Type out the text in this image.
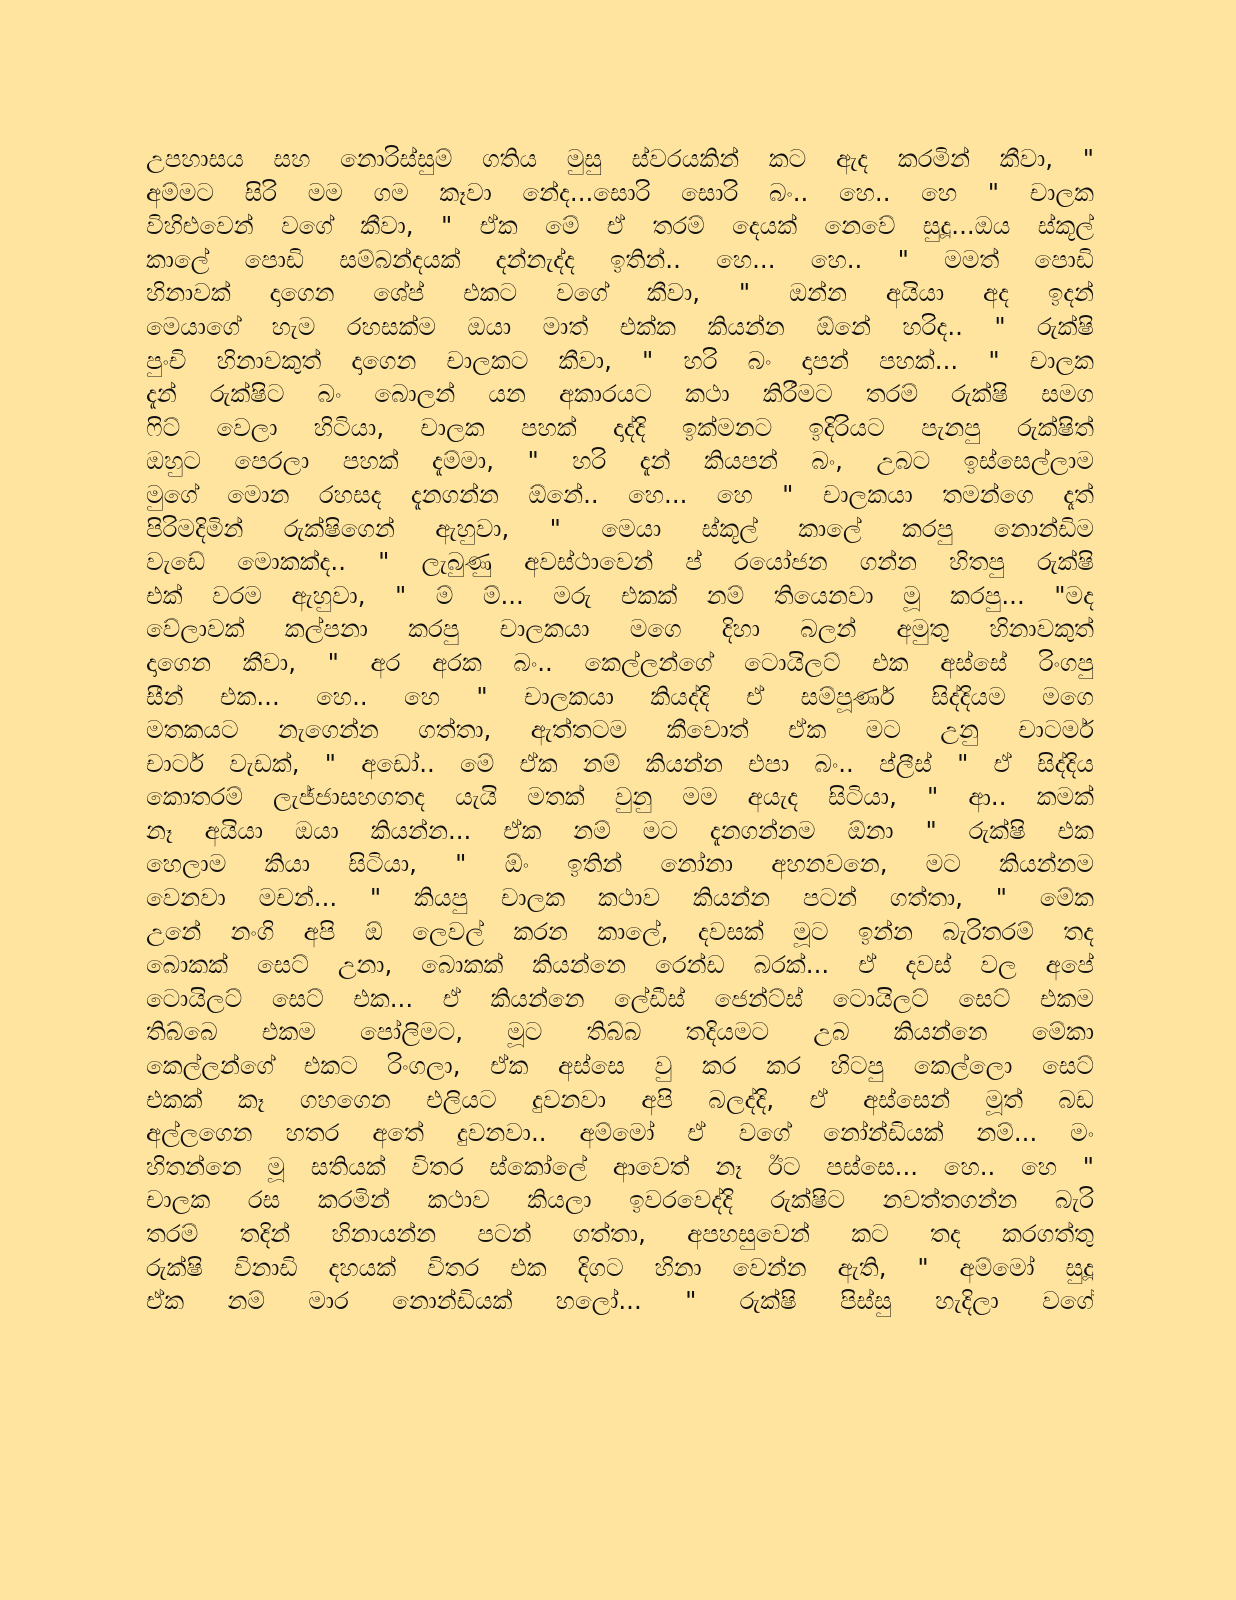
උපහාසය සහ නොරිස්සුම් ගතිය මුසු ස්වරයකින් කට ඇද කරමින් කීවා, "
අම්මට සිරි මම ගම කෑවා නේද...සොරි සොරි බං.. හෙ.. හෙ " චාලක
විහිළුවෙන් වගේ කීවා, " ඒක මේ ඒ තරම් දෙයක් නෙවේ සුදූ...ඔය ස්කූල්
කාලේ පොඩි සම්බන්දයක් දන්නැද්ද ඉතින්.. හෙ... හෙ.. " මමත් පොඩි
හිනාවක් දාගෙන ශේප් එකට වගේ කීවා, " ඔන්න අයියා අද ඉදන්
මෙයාගේ හැම රහසක්ම ඔයා මාත් එක්ක කියන්න ඕනේ හරිද.. " රුක්ෂි
පුංචි හිනාවකුත් දාගෙන චාලකට කීවා, " හරි බං දාපන් පහක්... " චාලක
දැන් රුක්ෂිට බං බොලන් යන අකාරයට කථා කිරීමට තරම් රුක්ෂි සමග
ෆිට් වෙලා හිටියා, චාලක පහක් දාද්දි ඉක්මනට ඉදිරියට පැනපු රුක්ෂිත්
ඔහුට පෙරලා පහක් දැම්මා, " හරි දැන් කියපන් බං, උබට ඉස්සෙල්ලාම
මුගේ මොන රහසද දැනගන්න ඕනේ.. හෙ... හෙ " චාලකයා තමන්ගෙ දෑත්
පිරිමදිමින් රුක්ෂිගෙන් ඇහුවා, " මෙයා ස්කූල් කාලේ කරපු නොන්ඩිම
වැඩේ මොකක්ද.. " ලැබුණු අවස්ථාවෙන් ප් රයෝජන ගන්න හිතපු රුක්ෂි
එක් වරම ඇහුවා, " ම් ම්... මරු එකක් නම් තියෙනවා මූ කරපු... "මද
වේලාවක් කල්පනා කරපු චාලකයා මගෙ දිහා බලන් අමුතු හිනාවකුත්
දාගෙන කීවා, " අර අරක බං.. කෙල්ලන්ගේ ටොයිලට් එක අස්සේ රිංගපු
සීන් එක... හෙ.. හෙ " චාලකයා කියද්දි ඒ සම්පූර්ණ සිද්දියම මගෙ
මතකයට නැගෙන්න ගත්තා, ඇත්තටම කීවොත් ඒක මට උනු චාටර්ම
චාටර් වැඩක්, " අඩෝ.. මේ ඒක නම් කියන්න එපා බං.. ප්ලීස් " ඒ සිද්දිය
කොතරම් ලැජ්ජාසහගතද යැයි මතක් වුනු මම අයැද සිටියා, " ආ.. කමක්
නෑ අයියා ඔයා කියන්න... ඒක නම් මට දැනගන්නම ඕනා " රුක්ෂි එක
හෙලාම කියා සිටියා, " ඕං ඉතින් නෝනා අහනවනෙ, මට කියන්නම
වෙනවා මචන්... " කියපු චාලක කථාව කියන්න පටන් ගත්තා, " මේක
උනේ නංගි අපි ඕ ලෙවල් කරන කාලේ, දවසක් මූට ඉන්න බැරිතරම් තද
බොකක් සෙට් උනා, බොකක් කියන්නෙ රෙන්ඩ බරක්... ඒ දවස් වල අපේ
ටොයිලට් සෙට් එක... ඒ කියන්නෙ ලේඩීස් ජෙන්ට්ස් ටොයිලට් සෙට් එකම
තිබ්බෙ එකම පෝලිමට, මූට තිබ්බ තදියමට උබ කියන්නෙ මේකා
කෙල්ලන්ගේ එකට රිංගලා, ඒක අස්සෙ වු කර කර හිටපු කෙල්ලො සෙට්
එකක් කෑ ගහගෙන එලියට දුවනවා අපි බලද්දි, ඒ අස්සෙන් මූත් බඩ
අල්ලගෙන හතර අතේ දුවනවා.. අම්මෝ ඒ වගේ නෝන්ඩියක් නම්... මං
හිතන්නෙ මූ සතියක් විතර ස්කෝලේ ආවෙත් නෑ ඊට පස්සෙ... හෙ.. හෙ "
චාලක රස කරමින් කථාව කියලා ඉවරවෙද්දි රුක්ෂිට නවත්තගන්න බැරි
තරම් තදින් හිනායන්න පටන් ගත්තා, අපහසුවෙන් කට තද කරගත්තු
රුක්ෂි විනාඩි දහයක් විතර එක දිගට හිනා වෙන්න ඇති, " අම්මෝ සුදූ
ඒක නම් මාර නොන්ඩියක් හලෝ... " රුක්ෂි පිස්සු හැදිලා වගේ
